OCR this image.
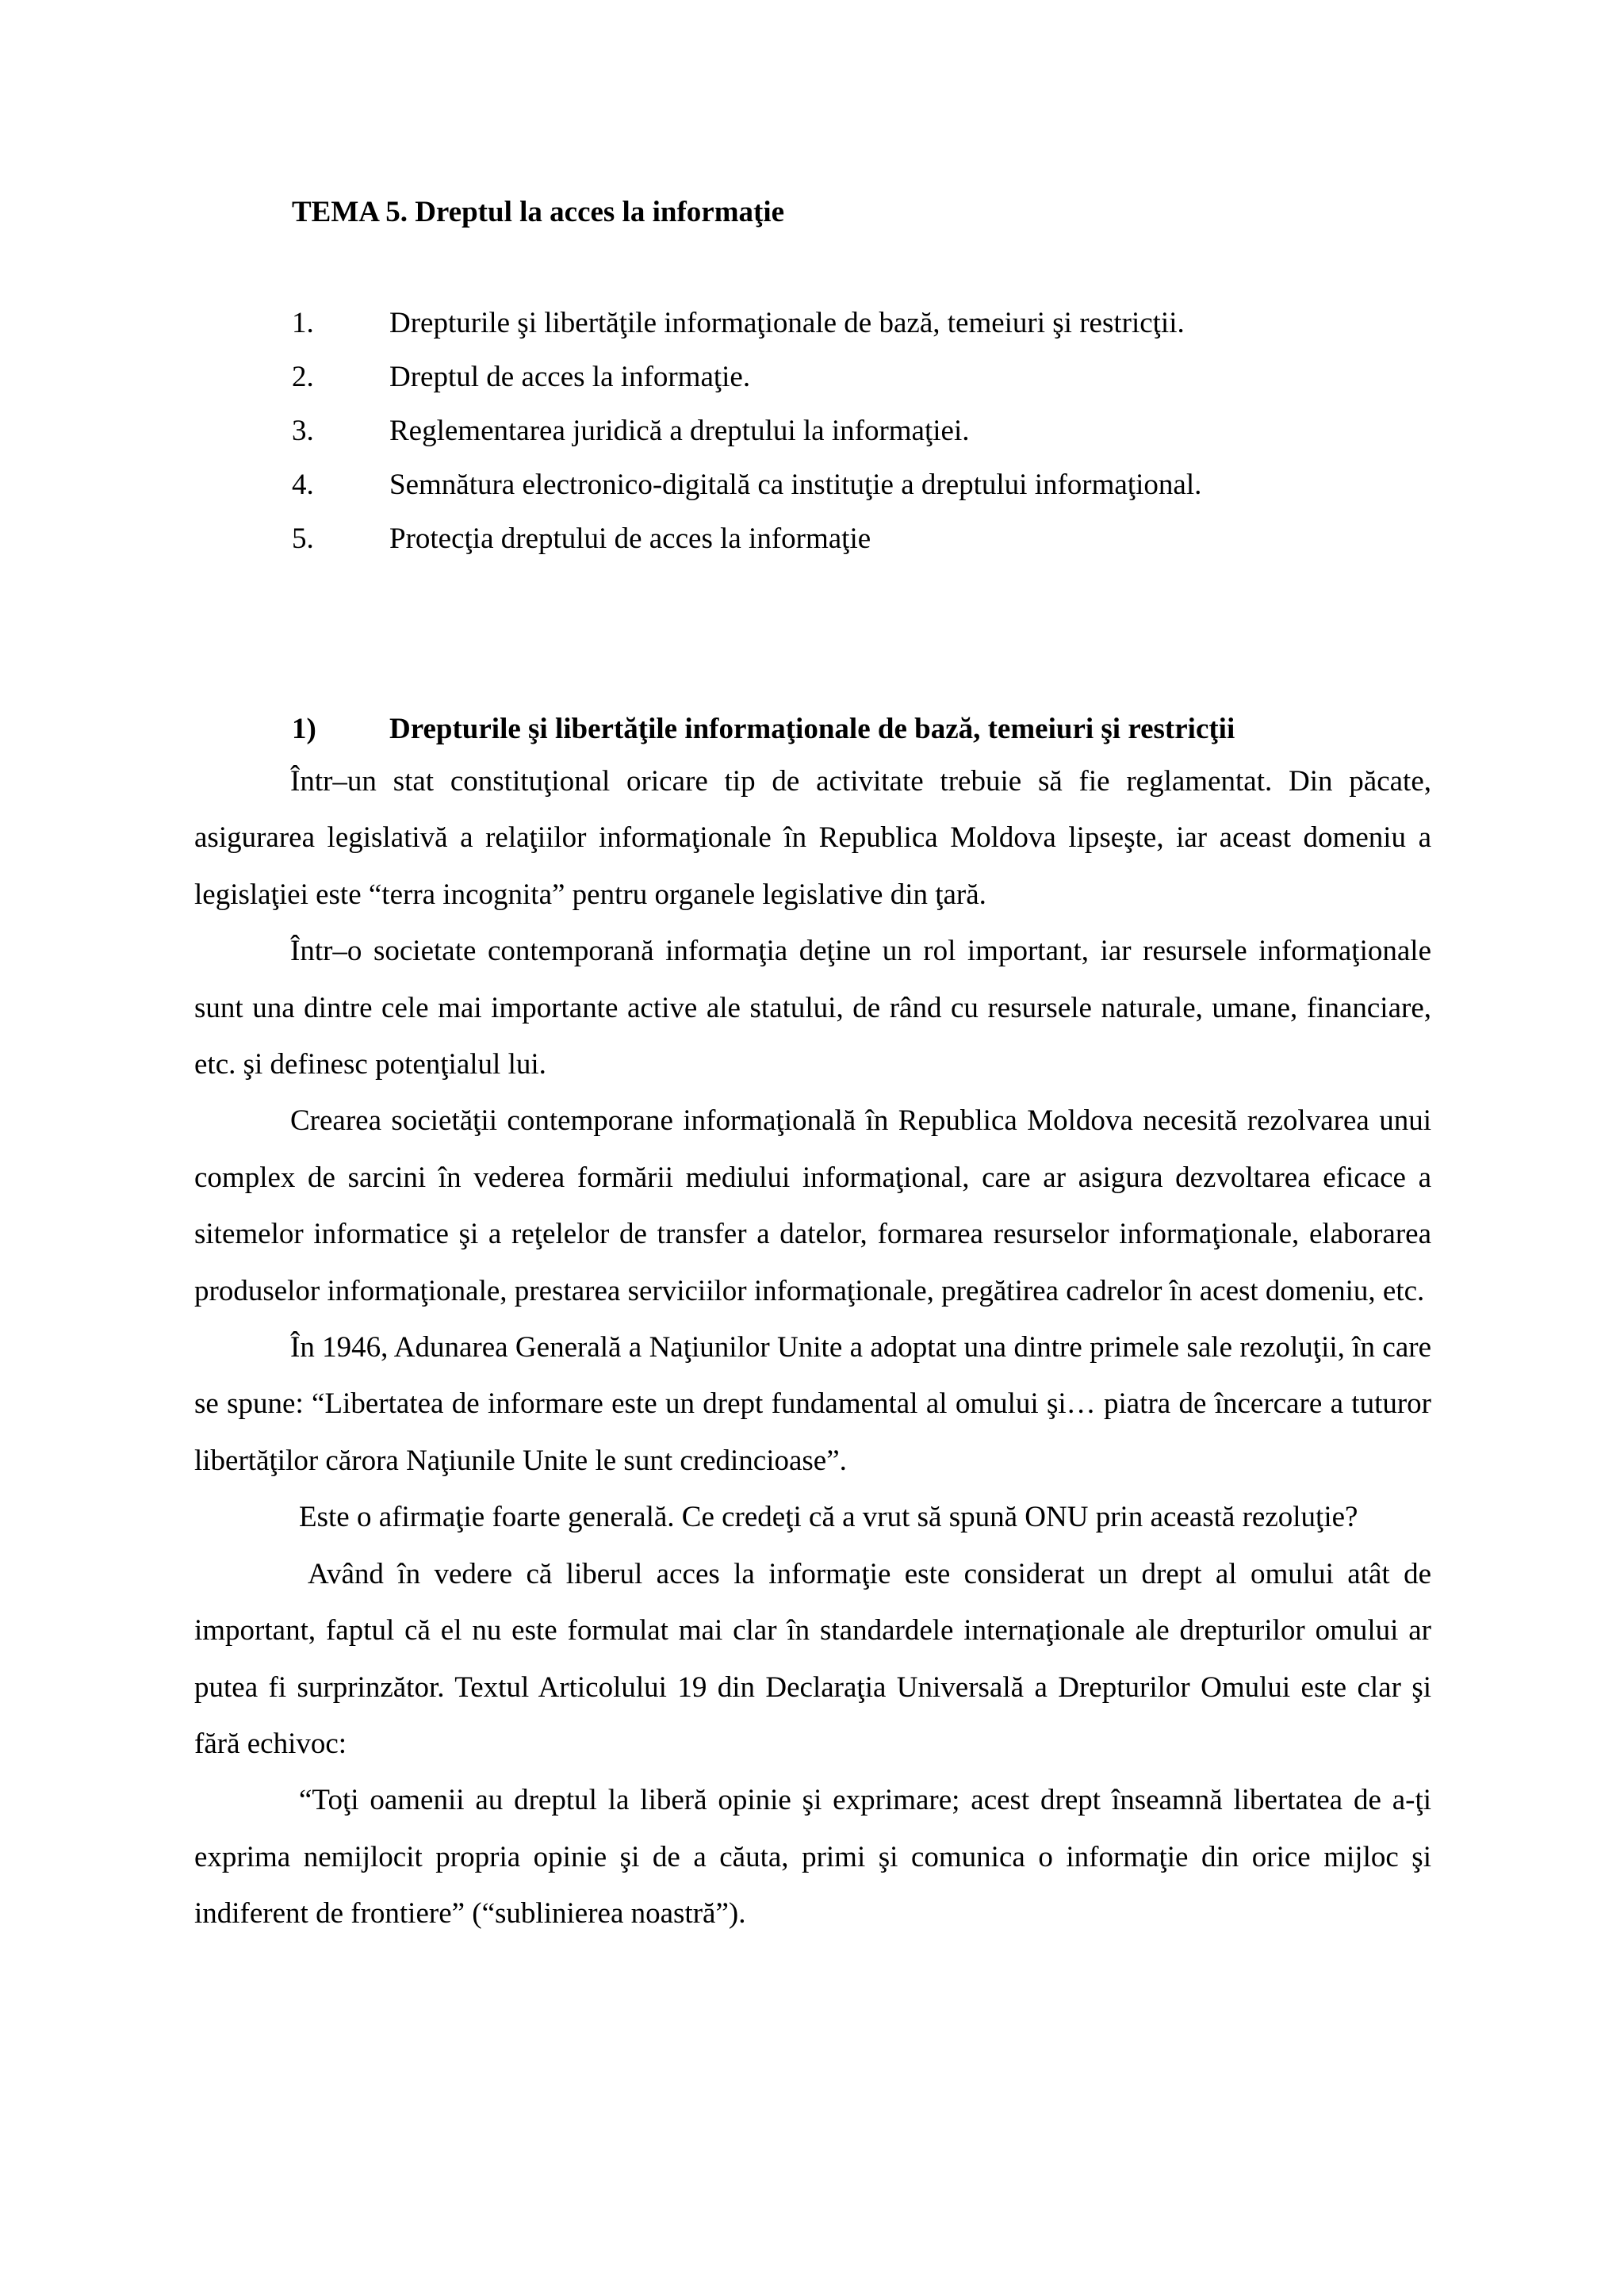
TEMA 5. Dreptul la acces la informaţie
1.	Drepturile şi libertăţile informaţionale de bază, temeiuri şi restricţii.
2.	Dreptul de acces la informaţie.
3.	Reglementarea juridică a dreptului la informaţiei.
4.	Semnătura electronico-digitală ca instituţie a dreptului informaţional.
5.	Protecţia dreptului de acces la informaţie
1) Drepturile şi libertăţile informaţionale de bază, temeiuri şi restricţii

Într–un stat constituţional oricare tip de activitate trebuie să fie reglamentat. Din păcate, asigurarea legislativă a relaţiilor informaţionale în Republica Moldova lipseşte, iar aceast domeniu a legislaţiei este “terra incognita” pentru organele legislative din ţară.

Într–o societate contemporană informaţia deţine un rol important, iar resursele informaţionale sunt una dintre cele mai importante active ale statului, de rând cu resursele naturale, umane, financiare, etc. şi definesc potenţialul lui.

Crearea societăţii contemporane informaţională în Republica Moldova necesită rezolvarea unui complex de sarcini în vederea formării mediului informaţional, care ar asigura dezvoltarea eficace a sitemelor informatice şi a reţelelor de transfer a datelor, formarea resurselor informaţionale, elaborarea produselor informaţionale, prestarea serviciilor informaţionale, pregătirea cadrelor în acest domeniu, etc.

În 1946, Adunarea Generală a Naţiunilor Unite a adoptat una dintre primele sale rezoluţii, în care se spune: “Libertatea de informare este un drept fundamental al omului şi… piatra de încercare a tuturor libertăţilor cărora Naţiunile Unite le sunt credincioase”.

Este o afirmaţie foarte generală. Ce credeţi că a vrut să spună ONU prin această rezoluţie?

Având în vedere că liberul acces la informaţie este considerat un drept al omului atât de important, faptul că el nu este formulat mai clar în standardele internaţionale ale drepturilor omului ar putea fi surprinzător. Textul Articolului 19 din Declaraţia Universală a Drepturilor Omului este clar şi fără echivoc:

“Toţi oamenii au dreptul la liberă opinie şi exprimare; acest drept înseamnă libertatea de a-ţi exprima nemijlocit propria opinie şi de a căuta, primi şi comunica o informaţie din orice mijloc şi indiferent de frontiere” (“sublinierea noastră”).
